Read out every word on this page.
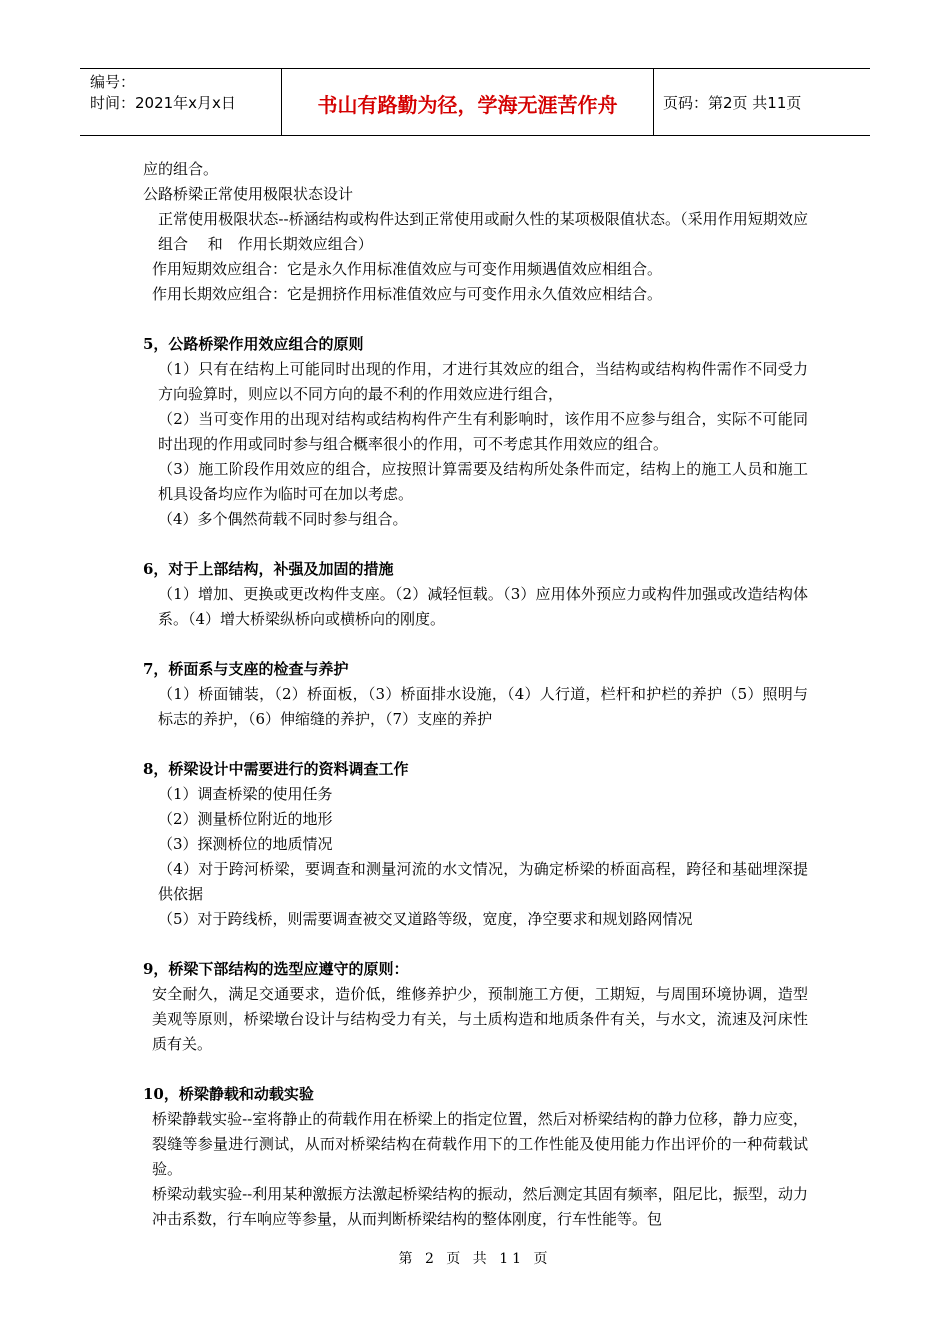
编号：
时间：2021年x月x日	书山有路勤为径，学海无涯苦作舟	页码：第2页 共11页

应的组合。

公路桥梁正常使用极限状态设计

正常使用极限状态--桥涵结构或构件达到正常使用或耐久性的某项极限值状态。（采用作用短期效应组合　 和　作用长期效应组合）

作用短期效应组合：它是永久作用标准值效应与可变作用频遇值效应相组合。

作用长期效应组合：它是拥挤作用标准值效应与可变作用永久值效应相结合。

5，公路桥梁作用效应组合的原则

（1）只有在结构上可能同时出现的作用，才进行其效应的组合，当结构或结构构件需作不同受力方向验算时，则应以不同方向的最不利的作用效应进行组合，

（2）当可变作用的出现对结构或结构构件产生有利影响时，该作用不应参与组合，实际不可能同时出现的作用或同时参与组合概率很小的作用，可不考虑其作用效应的组合。

（3）施工阶段作用效应的组合，应按照计算需要及结构所处条件而定，结构上的施工人员和施工机具设备均应作为临时可在加以考虑。

（4）多个偶然荷载不同时参与组合。

6，对于上部结构，补强及加固的措施

（1）增加、更换或更改构件支座。（2）减轻恒载。（3）应用体外预应力或构件加强或改造结构体系。（4）增大桥梁纵桥向或横桥向的刚度。

7，桥面系与支座的检查与养护

（1）桥面铺装，（2）桥面板，（3）桥面排水设施，（4）人行道，栏杆和护栏的养护（5）照明与标志的养护，（6）伸缩缝的养护，（7）支座的养护

8，桥梁设计中需要进行的资料调查工作

（1）调查桥梁的使用任务

（2）测量桥位附近的地形

（3）探测桥位的地质情况

（4）对于跨河桥梁，要调查和测量河流的水文情况，为确定桥梁的桥面高程，跨径和基础埋深提供依据

（5）对于跨线桥，则需要调查被交叉道路等级，宽度，净空要求和规划路网情况

9，桥梁下部结构的选型应遵守的原则：

安全耐久，满足交通要求，造价低，维修养护少，预制施工方便，工期短，与周围环境协调，造型美观等原则，桥梁墩台设计与结构受力有关，与土质构造和地质条件有关，与水文，流速及河床性质有关。

10，桥梁静载和动载实验

桥梁静载实验--室将静止的荷载作用在桥梁上的指定位置，然后对桥梁结构的静力位移，静力应变，裂缝等参量进行测试，从而对桥梁结构在荷载作用下的工作性能及使用能力作出评价的一种荷载试验。

桥梁动载实验--利用某种激振方法激起桥梁结构的振动，然后测定其固有频率，阻尼比，振型，动力冲击系数，行车响应等参量，从而判断桥梁结构的整体刚度，行车性能等。包

第 2 页 共 11 页
